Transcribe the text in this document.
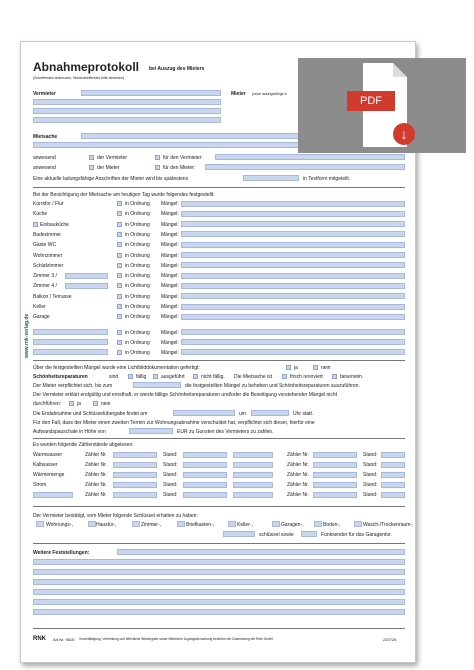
www.rnk-verlag.de
Abnahmeprotokoll bei Auszug des Mieters
(Zutreffendes ankreuzen, Nichtzutreffendes bitte streichen)
Vermieter	Mieter (neue ladungsfähige A
Mietsache
anwesend	der Vermieter	für den Vermieter:
anwesend	der Mieter	für den Mieter:
Eine aktuelle ladungsfähige Anschriften der Mieter wird bis spätestens	in Textform mitgeteilt.
Bei der Besichtigung der Mietsache am heutigen Tag wurde folgendes festgestellt:
Korridor / Flur	in Ordnung Mängel:
Küche	in Ordnung Mängel:
Einbauküche	in Ordnung Mängel:
Badezimmer	in Ordnung Mängel:
Gäste WC	in Ordnung Mängel:
Wohnzimmer	in Ordnung Mängel:
Schlafzimmer	in Ordnung Mängel:
Zimmer 3 /	in Ordnung Mängel:
Zimmer 4 /	in Ordnung Mängel:
Balkon / Terrasse	in Ordnung Mängel:
Keller	in Ordnung Mängel:
Garage	in Ordnung Mängel:
in Ordnung Mängel:
in Ordnung Mängel:
in Ordnung Mängel:
Über die festgestellten Mängel wurde eine Lichtbilddokumentation gefertigt:	ja	nein
Schönheitsreparaturen	sind	fällig	ausgeführt	nicht fällig. Die Mietsache ist	frisch renoviert	besenrein.
Der Mieter verpflichtet sich, bis zum	die festgestellten Mängel zu beheben und Schönheitsreparaturen auszuführen.
Der Vermieter erklärt endgültig und ernsthaft, er werde fällige Schönheitsreparaturen und/oder die Beseitigung vorstehender Mängel nicht
durchführen:	ja	nein
Die Endabnahme und Schlüsselübergabe findet am	um	Uhr statt.
Für den Fall, dass der Mieter einen zweiten Termin zur Wohnungsabnahme verschuldet hat, verpflichtet sich dieser, hierfür eine
Aufwandspauschale in Höhe von	EUR zu Gunsten des Vermieters zu zahlen.
Es wurden folgende Zählerstände abgelesen:
Warmwasser	Zähler Nr.	Stand:	Zähler Nr.	Stand:
Kaltwasser	Zähler Nr.	Stand:	Zähler Nr.	Stand:
Wärmemenge	Zähler Nr.	Stand:	Zähler Nr.	Stand:
Strom	Zähler Nr.	Stand:	Zähler Nr.	Stand:
Zähler Nr.	Stand:	Zähler Nr.	Stand:
Der Vermieter bestätigt, vom Mieter folgende Schlüssel erhalten zu haben:
Wohnungs-,	Haustür-,	Zimmer-,	Briefkasten-,	Keller-,	Garagen-,	Boden-,	Wasch-/Trockenraum-,
schlüssel sowie	Funksender für das Garagentor.
Weitere Feststellungen:
RNK Art.Nr. 981E Vervielfältigung, Verbreitung und öffentliche Wiedergabe sowie öffentliche Zugänglichmachung bedürfen der Zustimmung der Roth GmbH	220726
PDF
↓
